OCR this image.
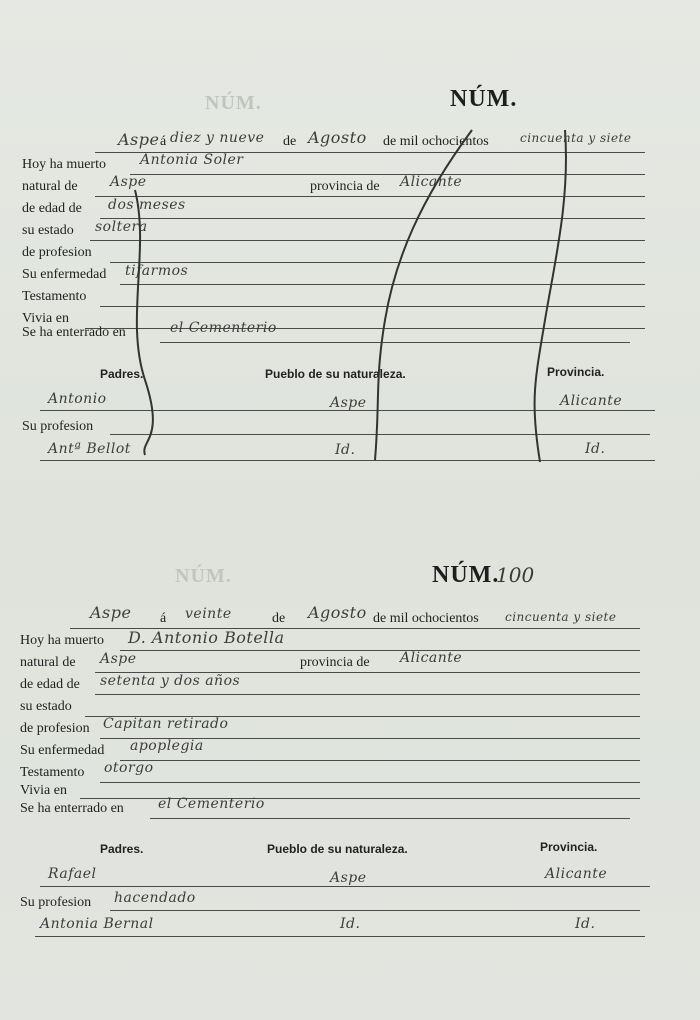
NÚM.
NÚM.
NÚM.
Aspe á diez y nueve de Agosto de mil ochocientos	cincuenta y siete
Hoy ha muerto Antonia Soler
natural de Aspe	provincia de Alicante
de edad de dos meses
su estado soltera
de profesion
Su enfermedad tifarmos
Testamento
Vivia en
Se ha enterrado en	el Cementerio
Padres.	Pueblo de su naturaleza.	Provincia.
Antonio	Aspe	Alicante
Su profesion
Antª Bellot	Id.	Id.
NÚM.
100
Aspe á veinte	de Agosto de mil ochocientos cincuenta y siete
Hoy ha muerto D. Antonio Botella
natural de Aspe	provincia de Alicante
de edad de setenta y dos años
su estado
de profesion Capitan retirado
Su enfermedad apoplegia
Testamento otorgo
Vivia en
Se ha enterrado en el Cementerio
Padres.	Pueblo de su naturaleza.	Provincia.
Rafael	Aspe	Alicante
Su profesion hacendado
Antonia Bernal	Id.	Id.
